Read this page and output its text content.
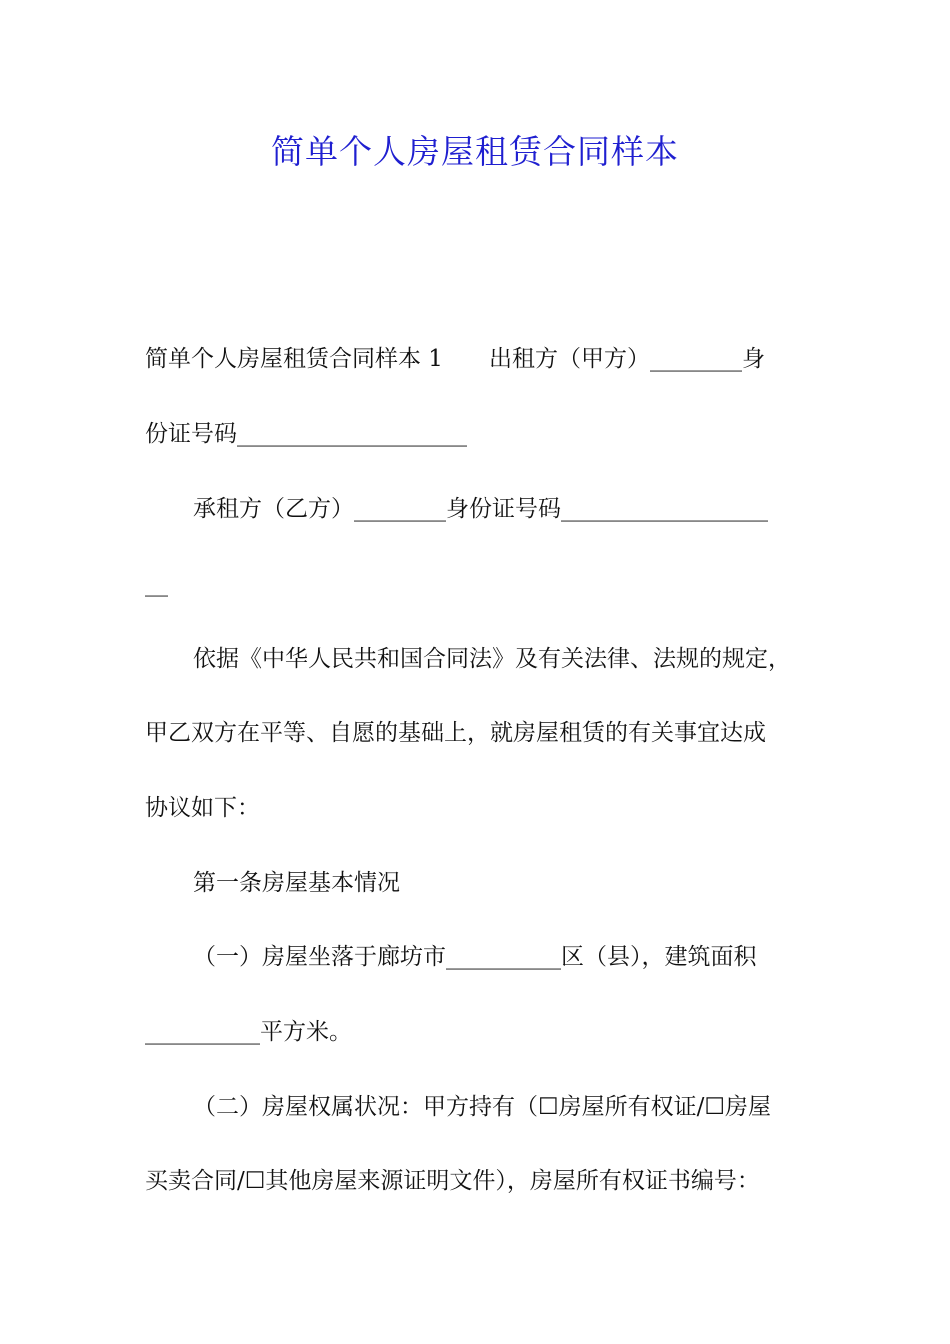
简单个人房屋租赁合同样本

简单个人房屋租赁合同样本 1　　出租方（甲方）________身

份证号码____________________

承租方（乙方）________身份证号码__________________

__

依据《中华人民共和国合同法》及有关法律、法规的规定，

甲乙双方在平等、自愿的基础上，就房屋租赁的有关事宜达成

协议如下：

第一条房屋基本情况

（一）房屋坐落于廊坊市__________区（县），建筑面积

__________平方米。

（二）房屋权属状况：甲方持有（☐房屋所有权证/☐房屋

买卖合同/☐其他房屋来源证明文件），房屋所有权证书编号：
